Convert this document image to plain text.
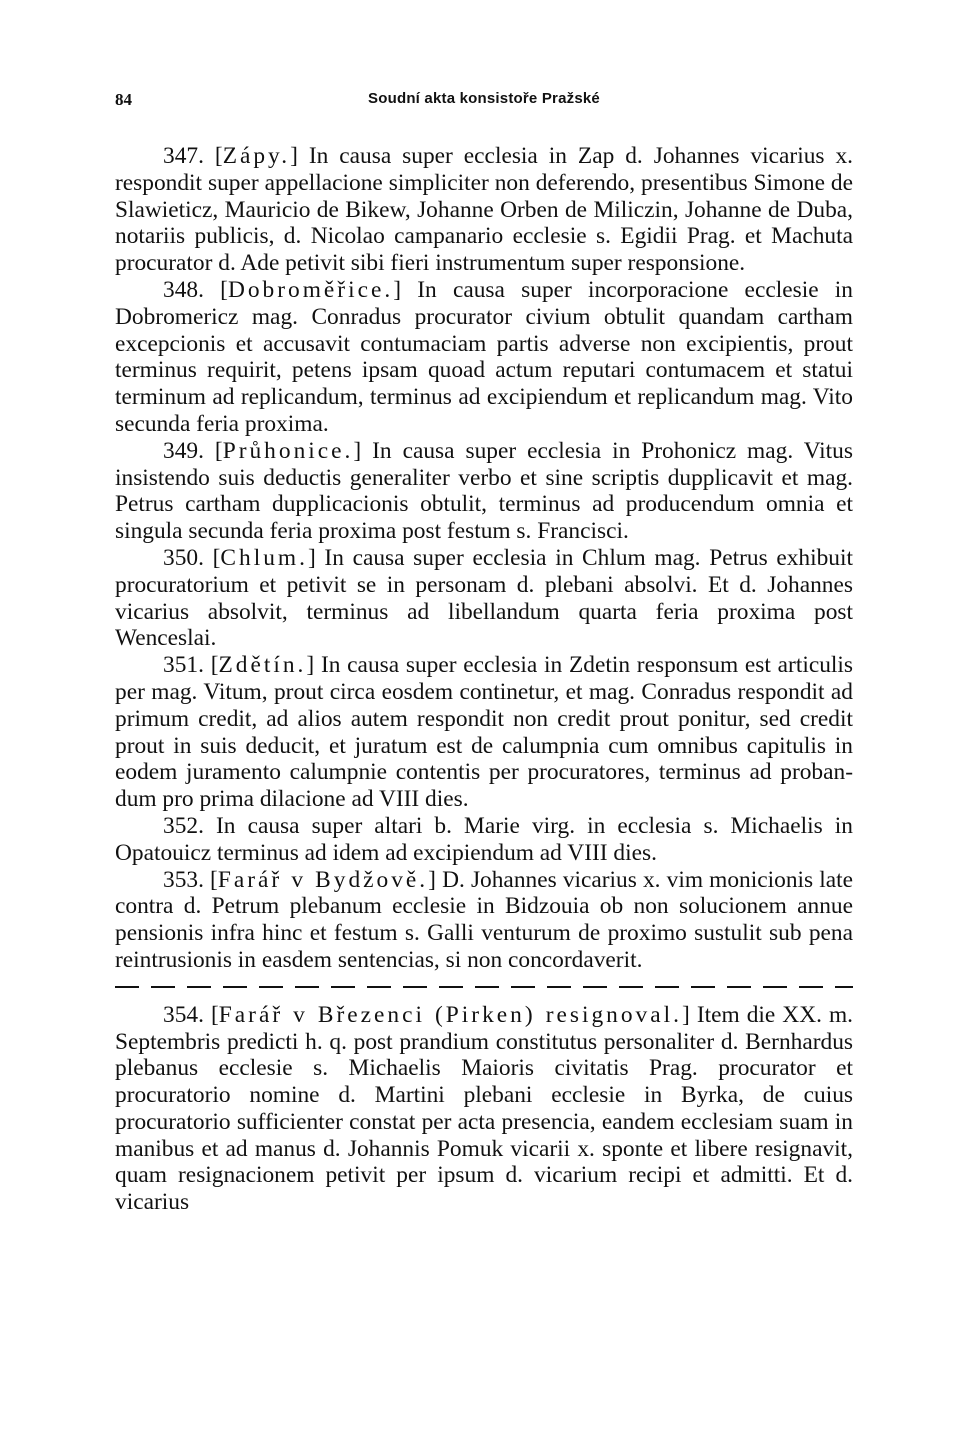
84	Soudní akta konsistoře Pražské

347. [Zápy.] In causa super ecclesia in Zap d. Johannes vicarius x. respondit super appellacione simpliciter non deferendo, presentibus Simone de Slawieticz, Mauricio de Bikew, Johanne Orben de Miliczin, Johanne de Duba, notariis publicis, d. Nicolao campanario ecclesie s. Egidii Prag. et Machuta procurator d. Ade petivit sibi fieri instrumentum super responsione.

348. [Dobroměřice.] In causa super incorporacione ecclesie in Dobromericz mag. Conradus procurator civium obtulit quandam cartham excepcionis et accusavit contumaciam partis adverse non excipientis, prout terminus requirit, petens ipsam quoad actum reputari contumacem et statui terminum ad replicandum, terminus ad excipiendum et replicandum mag. Vito secunda feria proxima.

349. [Průhonice.] In causa super ecclesia in Prohonicz mag. Vitus insistendo suis deductis generaliter verbo et sine scriptis dupplicavit et mag. Petrus cartham dupplicacionis obtulit, terminus ad producendum omnia et singula secunda feria proxima post festum s. Francisci.

350. [Chlum.] In causa super ecclesia in Chlum mag. Petrus exhibuit procuratorium et petivit se in personam d. plebani absolvi. Et d. Johannes vicarius absolvit, terminus ad libellandum quarta feria proxima post Wenceslai.

351. [Zdětín.] In causa super ecclesia in Zdetin responsum est articulis per mag. Vitum, prout circa eosdem continetur, et mag. Conradus respondit ad primum credit, ad alios autem respondit non credit prout ponitur, sed credit prout in suis deducit, et juratum est de calumpnia cum omnibus capitulis in eodem juramento calumpnie contentis per procuratores, terminus ad probandum pro prima dilacione ad VIII dies.

352. In causa super altari b. Marie virg. in ecclesia s. Michaelis in Opatouicz terminus ad idem ad excipiendum ad VIII dies.

353. [Farář v Bydžově.] D. Johannes vicarius x. vim monicionis late contra d. Petrum plebanum ecclesie in Bidzouia ob non solucionem annue pensionis infra hinc et festum s. Galli venturum de proximo sustulit sub pena reintrusionis in easdem sentencias, si non concordaverit.

354. [Farář v Březenci (Pirken) resignoval.] Item die XX. m. Septembris predicti h. q. post prandium constitutus personaliter d. Bernhardus plebanus ecclesie s. Michaelis Maioris civitatis Prag. procurator et procuratorio nomine d. Martini plebani ecclesie in Byrka, de cuius procuratorio sufficienter constat per acta presencia, eandem ecclesiam suam in manibus et ad manus d. Johannis Pomuk vicarii x. sponte et libere resignavit, quam resignacionem petivit per ipsum d. vicarium recipi et admitti. Et d. vicarius
